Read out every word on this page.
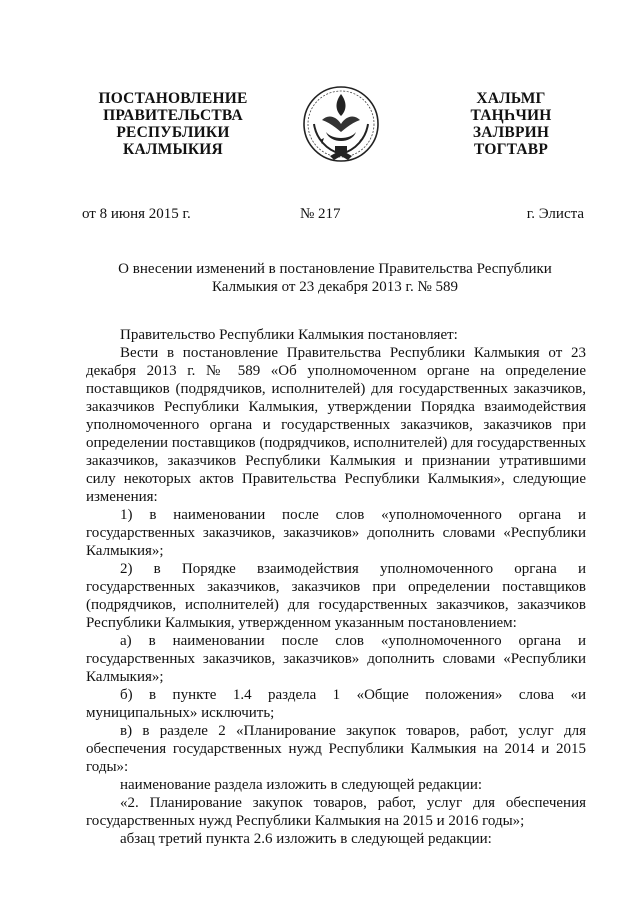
ПОСТАНОВЛЕНИЕ
ПРАВИТЕЛЬСТВА
РЕСПУБЛИКИ
КАЛМЫКИЯ
ХАЛЬМГ
ТАҢҺЧИН
ЗАЛВРИН
ТОГТАВР
от 8 июня 2015 г.	№ 217	г. Элиста
О внесении изменений в постановление Правительства Республики
Калмыкия от 23 декабря 2013 г. № 589

Правительство Республики Калмыкия постановляет:

Вести в постановление Правительства Республики Калмыкия от 23 декабря 2013 г. № 589 «Об уполномоченном органе на определение поставщиков (подрядчиков, исполнителей) для государственных заказчиков, заказчиков Республики Калмыкия, утверждении Порядка взаимодействия уполномоченного органа и государственных заказчиков, заказчиков при определении поставщиков (подрядчиков, исполнителей) для государственных заказчиков, заказчиков Республики Калмыкия и признании утратившими силу некоторых актов Правительства Республики Калмыкия», следующие изменения:

1) в наименовании после слов «уполномоченного органа и государственных заказчиков, заказчиков» дополнить словами «Республики Калмыкия»;

2) в Порядке взаимодействия уполномоченного органа и государственных заказчиков, заказчиков при определении поставщиков (подрядчиков, исполнителей) для государственных заказчиков, заказчиков Республики Калмыкия, утвержденном указанным постановлением:

а) в наименовании после слов «уполномоченного органа и государственных заказчиков, заказчиков» дополнить словами «Республики Калмыкия»;

б) в пункте 1.4 раздела 1 «Общие положения» слова «и муниципальных» исключить;

в) в разделе 2 «Планирование закупок товаров, работ, услуг для обеспечения государственных нужд Республики Калмыкия на 2014 и 2015 годы»:

наименование раздела изложить в следующей редакции:

«2. Планирование закупок товаров, работ, услуг для обеспечения государственных нужд Республики Калмыкия на 2015 и 2016 годы»;

абзац третий пункта 2.6 изложить в следующей редакции:
